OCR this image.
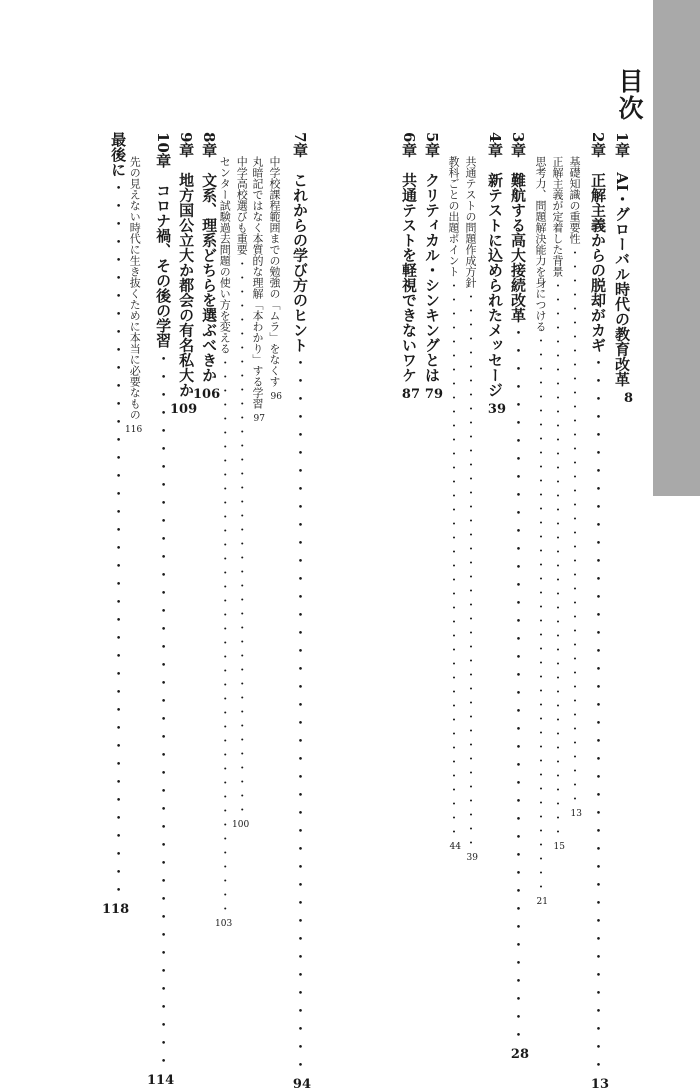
目次
1章　AI・グローバル時代の教育改革
8
2章　正解主義からの脱却がカギ
・・・・・・・・・・・・・・・・・・・・・・・・・・・・・・・・・・・・・・・・
13
基礎知識の重要性
・・・・・・・・・・・・・・・・・・・・・・・・・・・・・・・・・・・・・・・・
13
正解主義が定着した背景
・・・・・・・・・・・・・・・・・・・・・・・・・・・・・・・・・・・・・・・・
15
思考力、問題解決能力を身につける
・・・・・・・・・・・・・・・・・・・・・・・・・・・・・・・・・・・・・・・・
21
3章　難航する高大接続改革
・・・・・・・・・・・・・・・・・・・・・・・・・・・・・・・・・・・・・・・・
28
4章　新テストに込められたメッセージ
39
共通テストの問題作成方針
・・・・・・・・・・・・・・・・・・・・・・・・・・・・・・・・・・・・・・・・
39
教科ごとの出題ポイント
・・・・・・・・・・・・・・・・・・・・・・・・・・・・・・・・・・・・・・・・
44
5章　クリティカル・シンキングとは
79
6章　共通テストを軽視できないワケ
87
7章　これからの学び方のヒント
・・・・・・・・・・・・・・・・・・・・・・・・・・・・・・・・・・・・・・・・
94
中学校課程範囲までの勉強の「ムラ」をなくす
96
丸暗記ではなく本質的な理解「本わかり」する学習
97
中学高校選びも重要
・・・・・・・・・・・・・・・・・・・・・・・・・・・・・・・・・・・・・・・・
100
センター試験過去問題の使い方を変える
・・・・・・・・・・・・・・・・・・・・・・・・・・・・・・・・・・・・・・・・
103
8章　文系、理系どちらを選ぶべきか
106
9章　地方国公立大か都会の有名私大か
109
10章　コロナ禍、その後の学習
・・・・・・・・・・・・・・・・・・・・・・・・・・・・・・・・・・・・・・・・
114
先の見えない時代に生き抜くために本当に必要なもの
116
最後に
・・・・・・・・・・・・・・・・・・・・・・・・・・・・・・・・・・・・・・・・
118
